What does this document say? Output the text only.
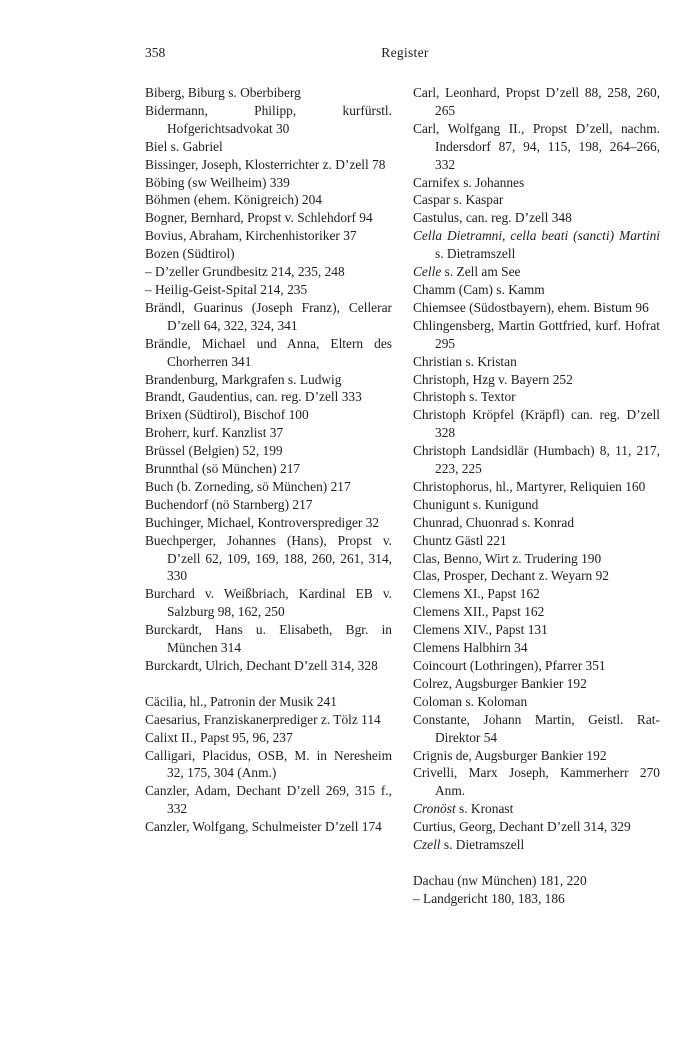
358	Register
Biberg, Biburg s. Oberbiberg
Bidermann, Philipp, kurfürstl. Hofgerichtsadvokat 30
Biel s. Gabriel
Bissinger, Joseph, Klosterrichter z. D’zell 78
Böbing (sw Weilheim) 339
Böhmen (ehem. Königreich) 204
Bogner, Bernhard, Propst v. Schlehdorf 94
Bovius, Abraham, Kirchenhistoriker 37
Bozen (Südtirol)
– D’zeller Grundbesitz 214, 235, 248
– Heilig-Geist-Spital 214, 235
Brändl, Guarinus (Joseph Franz), Cellerar D’zell 64, 322, 324, 341
Brändle, Michael und Anna, Eltern des Chorherren 341
Brandenburg, Markgrafen s. Ludwig
Brandt, Gaudentius, can. reg. D’zell 333
Brixen (Südtirol), Bischof 100
Broherr, kurf. Kanzlist 37
Brüssel (Belgien) 52, 199
Brunnthal (sö München) 217
Buch (b. Zorneding, sö München) 217
Buchendorf (nö Starnberg) 217
Buchinger, Michael, Kontroversprediger 32
Buechperger, Johannes (Hans), Propst v. D’zell 62, 109, 169, 188, 260, 261, 314, 330
Burchard v. Weißbriach, Kardinal EB v. Salzburg 98, 162, 250
Burckardt, Hans u. Elisabeth, Bgr. in München 314
Burckardt, Ulrich, Dechant D’zell 314, 328
Cäcilia, hl., Patronin der Musik 241
Caesarius, Franziskanerprediger z. Tölz 114
Calixt II., Papst 95, 96, 237
Calligari, Placidus, OSB, M. in Neresheim 32, 175, 304 (Anm.)
Canzler, Adam, Dechant D’zell 269, 315 f., 332
Canzler, Wolfgang, Schulmeister D’zell 174
Carl, Leonhard, Propst D’zell 88, 258, 260, 265
Carl, Wolfgang II., Propst D’zell, nachm. Indersdorf 87, 94, 115, 198, 264–266, 332
Carnifex s. Johannes
Caspar s. Kaspar
Castulus, can. reg. D’zell 348
Cella Dietramni, cella beati (sancti) Martini s. Dietramszell
Celle s. Zell am See
Chamm (Cam) s. Kamm
Chiemsee (Südostbayern), ehem. Bistum 96
Chlingensberg, Martin Gottfried, kurf. Hofrat 295
Christian s. Kristan
Christoph, Hzg v. Bayern 252
Christoph s. Textor
Christoph Kröpfel (Kräpfl) can. reg. D’zell 328
Christoph Landsidlär (Humbach) 8, 11, 217, 223, 225
Christophorus, hl., Martyrer, Reliquien 160
Chunigunt s. Kunigund
Chunrad, Chuonrad s. Konrad
Chuntz Gästl 221
Clas, Benno, Wirt z. Trudering 190
Clas, Prosper, Dechant z. Weyarn 92
Clemens XI., Papst 162
Clemens XII., Papst 162
Clemens XIV., Papst 131
Clemens Halbhirn 34
Coincourt (Lothringen), Pfarrer 351
Colrez, Augsburger Bankier 192
Coloman s. Koloman
Constante, Johann Martin, Geistl. Rat-Direktor 54
Crignis de, Augsburger Bankier 192
Crivelli, Marx Joseph, Kammerherr 270 Anm.
Cronöst s. Kronast
Curtius, Georg, Dechant D’zell 314, 329
Czell s. Dietramszell
Dachau (nw München) 181, 220
– Landgericht 180, 183, 186
